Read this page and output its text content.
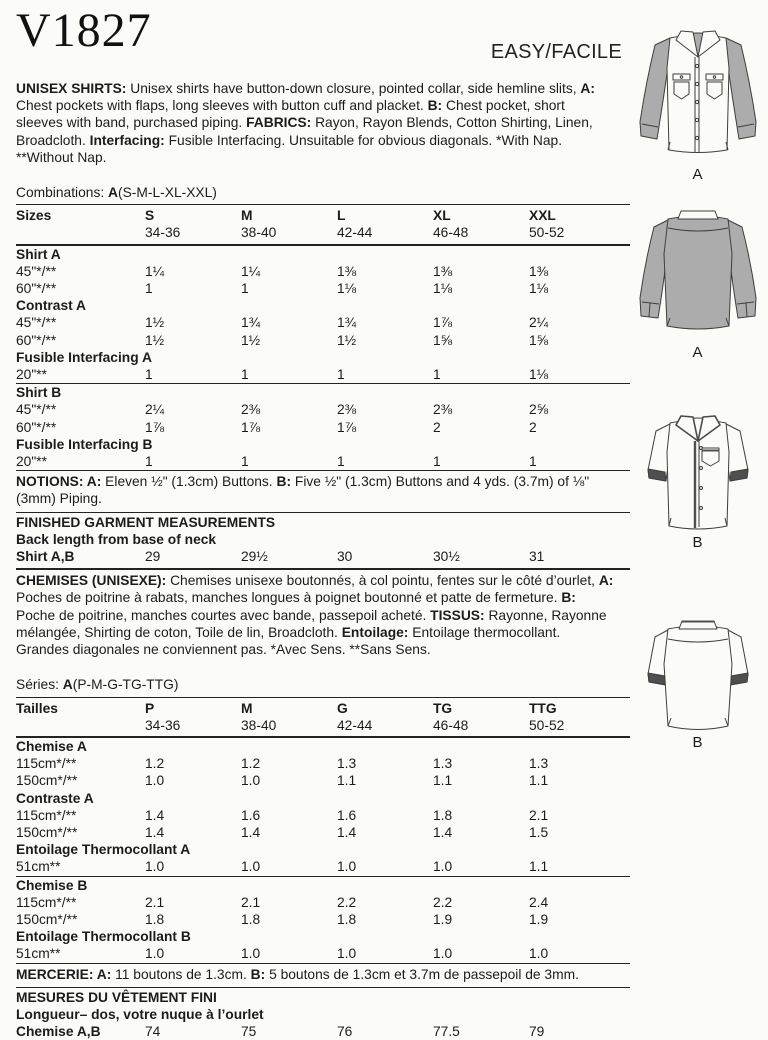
V1827

UNISEX SHIRTS: Unisex shirts have button-down closure, pointed collar, side hemline slits, A: Chest pockets with flaps, long sleeves with button cuff and placket. B: Chest pocket, short sleeves with band, purchased piping. FABRICS: Rayon, Rayon Blends, Cotton Shirting, Linen, Broadcloth. Interfacing: Fusible Interfacing. Unsuitable for obvious diagonals. *With Nap. **Without Nap.

Combinations: A(S-M-L-XL-XXL)

Sizes	S	M	L	XL	XXL
	34-36	38-40	42-44	46-48	50-52
Shirt A					
45"*/**	1¼	1¼	1⅜	1⅜	1⅜
60"*/**	1	1	1⅛	1⅛	1⅛
Contrast A					
45"*/**	1½	1¾	1¾	1⅞	2¼
60"*/**	1½	1½	1½	1⅝	1⅝
Fusible Interfacing A					
20"**	1	1	1	1	1⅛
Shirt B					
45"*/**	2¼	2⅜	2⅜	2⅜	2⅝
60"*/**	1⅞	1⅞	1⅞	2	2
Fusible Interfacing B					
20"**	1	1	1	1	1

NOTIONS: A: Eleven ½" (1.3cm) Buttons. B: Five ½" (1.3cm) Buttons and 4 yds. (3.7m) of ⅛" (3mm) Piping.

FINISHED GARMENT MEASUREMENTS
Back length from base of neck
Shirt A,B	29	29½	30	30½	31

CHEMISES (UNISEXE): Chemises unisexe boutonnés, à col pointu, fentes sur le côté d’ourlet, A: Poches de poitrine à rabats, manches longues à poignet boutonné et patte de fermeture. B: Poche de poitrine, manches courtes avec bande, passepoil acheté. TISSUS: Rayonne, Rayonne mélangée, Shirting de coton, Toile de lin, Broadcloth. Entoilage: Entoilage thermocollant. Grandes diagonales ne conviennent pas. *Avec Sens. **Sans Sens.

Séries: A(P-M-G-TG-TTG)

Tailles	P	M	G	TG	TTG
	34-36	38-40	42-44	46-48	50-52
Chemise A					
115cm*/**	1.2	1.2	1.3	1.3	1.3
150cm*/**	1.0	1.0	1.1	1.1	1.1
Contraste A					
115cm*/**	1.4	1.6	1.6	1.8	2.1
150cm*/**	1.4	1.4	1.4	1.4	1.5
Entoilage Thermocollant A					
51cm**	1.0	1.0	1.0	1.0	1.1
Chemise B					
115cm*/**	2.1	2.1	2.2	2.2	2.4
150cm*/**	1.8	1.8	1.8	1.9	1.9
Entoilage Thermocollant B					
51cm**	1.0	1.0	1.0	1.0	1.0

MERCERIE: A: 11 boutons de 1.3cm. B: 5 boutons de 1.3cm et 3.7m de passepoil de 3mm.

MESURES DU VÊTEMENT FINI
Longueur– dos, votre nuque à l’ourlet
Chemise A,B	74	75	76	77.5	79
EASY/FACILE
A
A
B
B
